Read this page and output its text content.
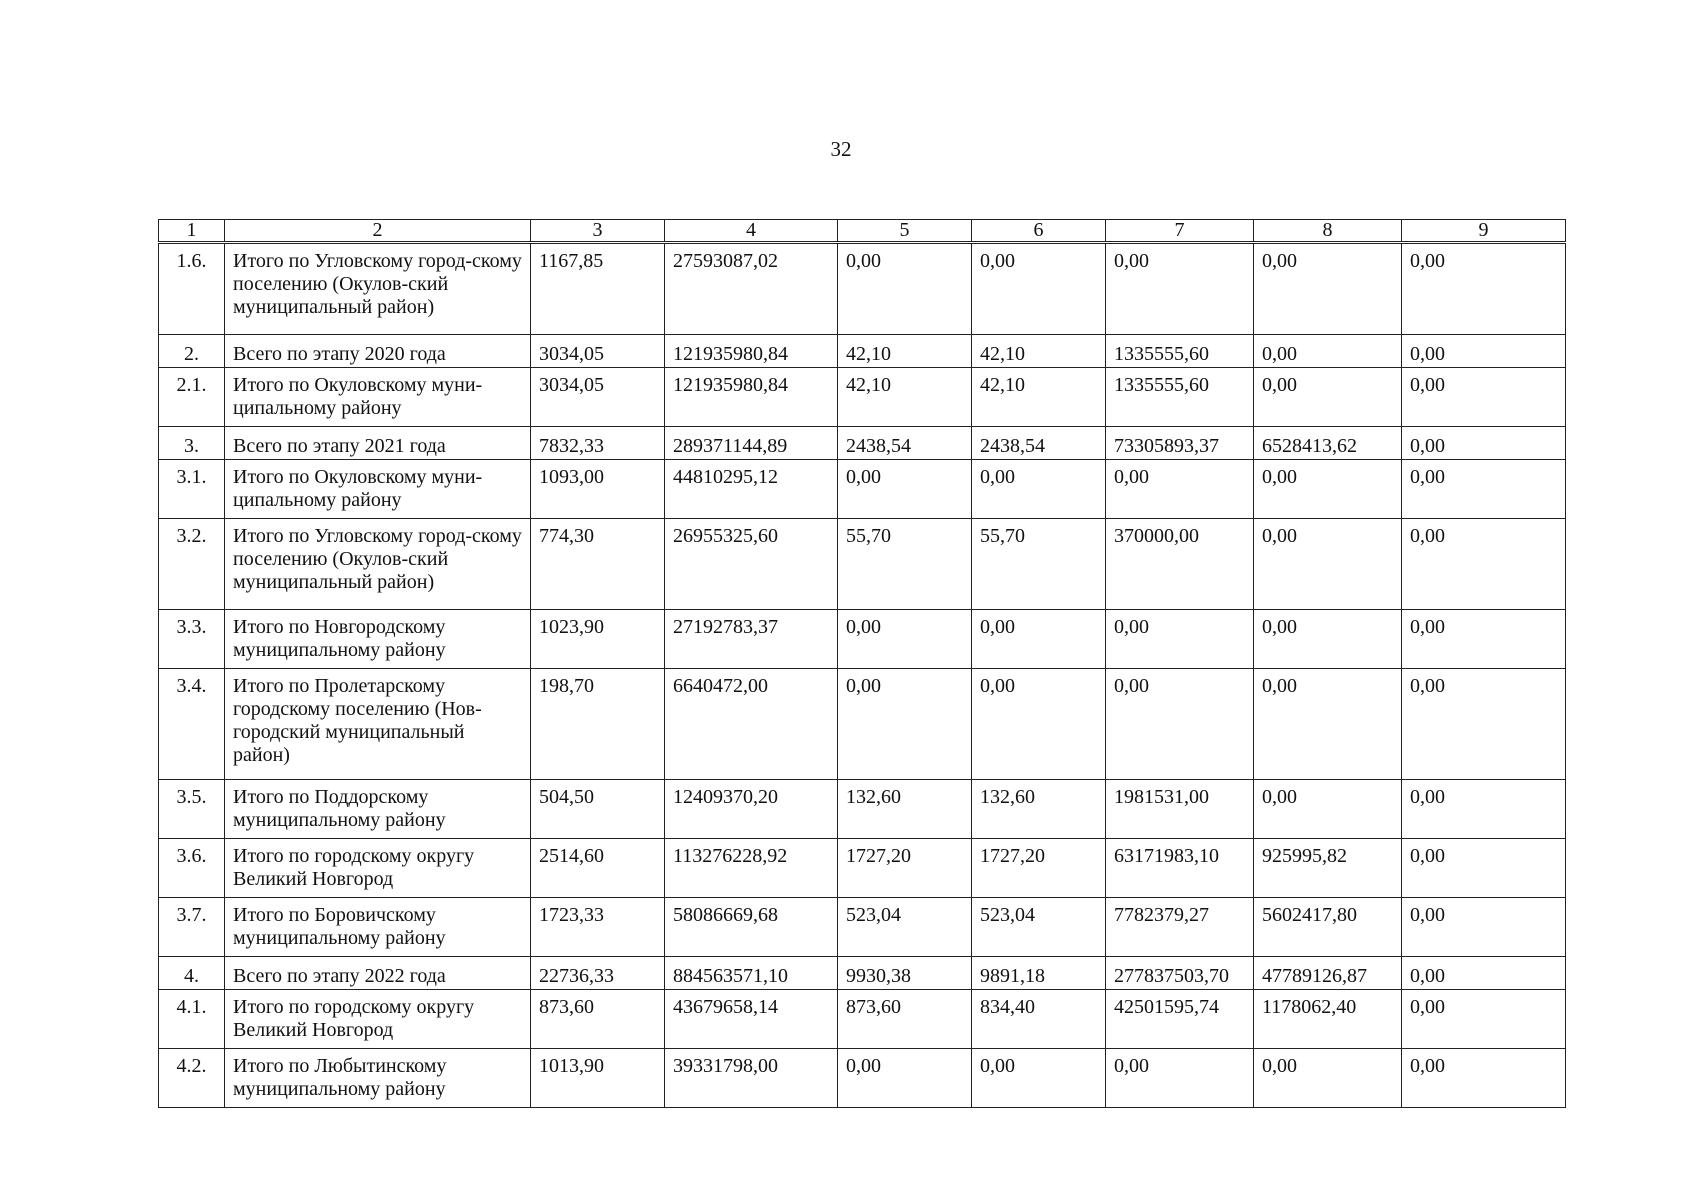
32
1	2	3	4	5	6	7	8	9
1.6.	Итого по Угловскому город-скому поселению (Окулов-ский муниципальный район)	1167,85	27593087,02	0,00	0,00	0,00	0,00	0,00
2.	Всего по этапу 2020 года	3034,05	121935980,84	42,10	42,10	1335555,60	0,00	0,00
2.1.	Итого по Окуловскому муни-ципальному району	3034,05	121935980,84	42,10	42,10	1335555,60	0,00	0,00
3.	Всего по этапу 2021 года	7832,33	289371144,89	2438,54	2438,54	73305893,37	6528413,62	0,00
3.1.	Итого по Окуловскому муни-ципальному району	1093,00	44810295,12	0,00	0,00	0,00	0,00	0,00
3.2.	Итого по Угловскому город-скому поселению (Окулов-ский муниципальный район)	774,30	26955325,60	55,70	55,70	370000,00	0,00	0,00
3.3.	Итого по Новгородскому муниципальному району	1023,90	27192783,37	0,00	0,00	0,00	0,00	0,00
3.4.	Итого по Пролетарскому городскому поселению (Нов-городский муниципальный район)	198,70	6640472,00	0,00	0,00	0,00	0,00	0,00
3.5.	Итого по Поддорскому муниципальному району	504,50	12409370,20	132,60	132,60	1981531,00	0,00	0,00
3.6.	Итого по городскому округу Великий Новгород	2514,60	113276228,92	1727,20	1727,20	63171983,10	925995,82	0,00
3.7.	Итого по Боровичскому муниципальному району	1723,33	58086669,68	523,04	523,04	7782379,27	5602417,80	0,00
4.	Всего по этапу 2022 года	22736,33	884563571,10	9930,38	9891,18	277837503,70	47789126,87	0,00
4.1.	Итого по городскому округу Великий Новгород	873,60	43679658,14	873,60	834,40	42501595,74	1178062,40	0,00
4.2.	Итого по Любытинскому муниципальному району	1013,90	39331798,00	0,00	0,00	0,00	0,00	0,00
